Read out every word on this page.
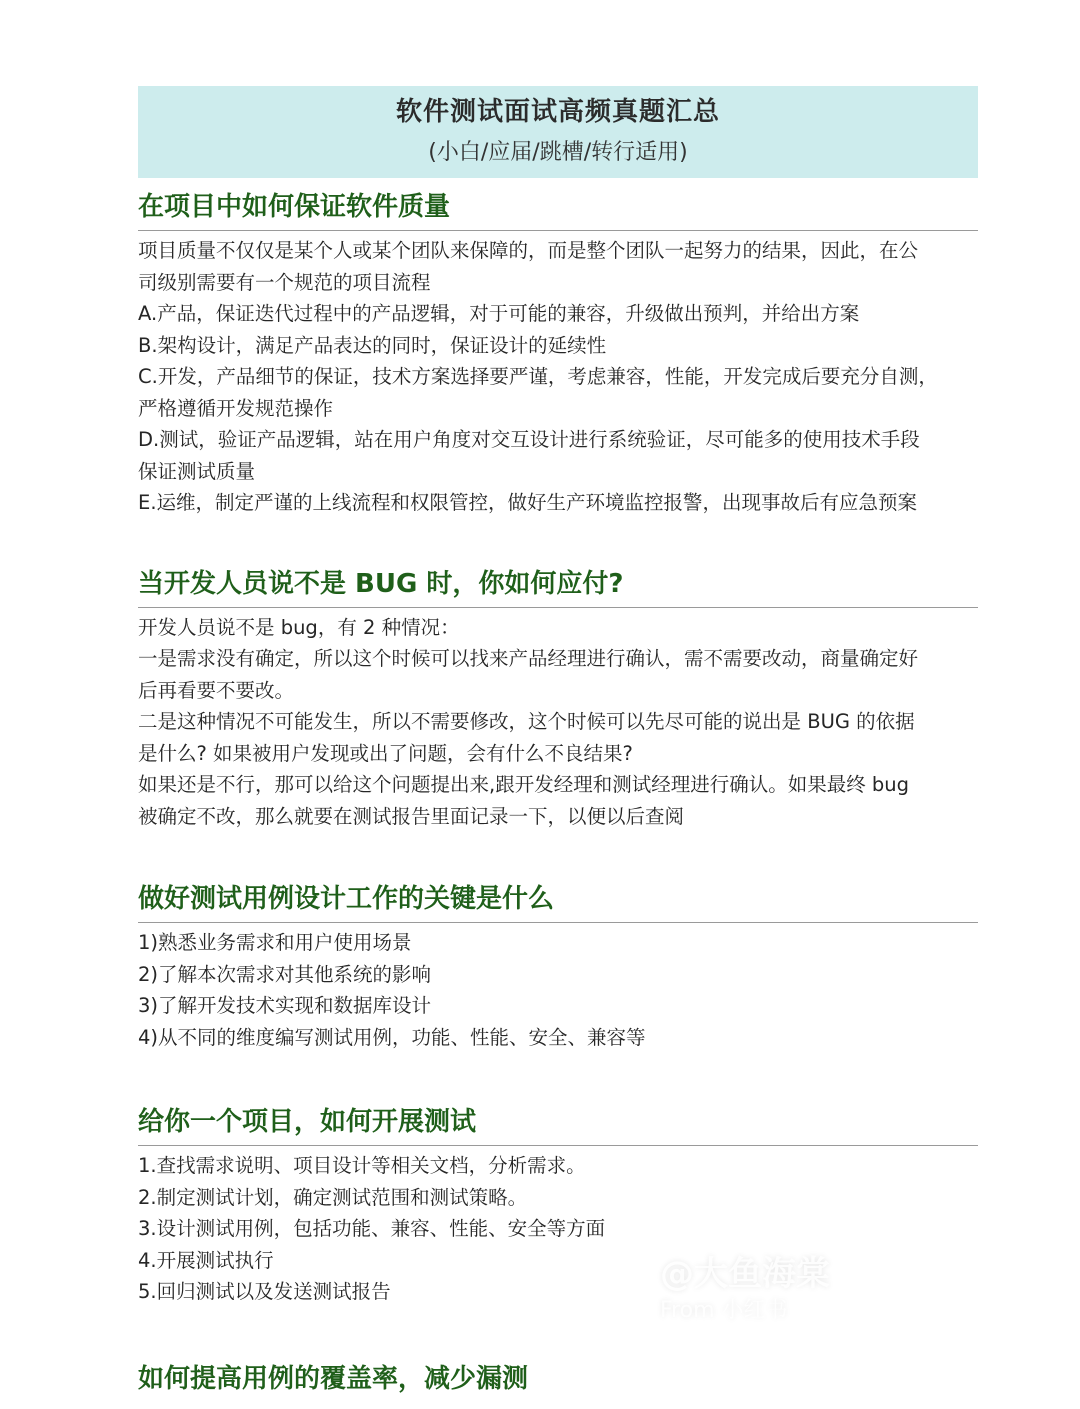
软件测试面试高频真题汇总
(小白/应届/跳槽/转行适用)
在项目中如何保证软件质量
项目质量不仅仅是某个人或某个团队来保障的，而是整个团队一起努力的结果，因此，在公
司级别需要有一个规范的项目流程
A.产品，保证迭代过程中的产品逻辑，对于可能的兼容，升级做出预判，并给出方案
B.架构设计，满足产品表达的同时，保证设计的延续性
C.开发，产品细节的保证，技术方案选择要严谨，考虑兼容，性能，开发完成后要充分自测，
严格遵循开发规范操作
D.测试，验证产品逻辑，站在用户角度对交互设计进行系统验证，尽可能多的使用技术手段
保证测试质量
E.运维，制定严谨的上线流程和权限管控，做好生产环境监控报警，出现事故后有应急预案
当开发人员说不是 BUG 时，你如何应付?
开发人员说不是 bug，有 2 种情况：
一是需求没有确定，所以这个时候可以找来产品经理进行确认，需不需要改动，商量确定好
后再看要不要改。
二是这种情况不可能发生，所以不需要修改，这个时候可以先尽可能的说出是 BUG 的依据
是什么? 如果被用户发现或出了问题，会有什么不良结果?
如果还是不行，那可以给这个问题提出来,跟开发经理和测试经理进行确认。如果最终 bug
被确定不改，那么就要在测试报告里面记录一下，以便以后查阅
做好测试用例设计工作的关键是什么
1)熟悉业务需求和用户使用场景
2)了解本次需求对其他系统的影响
3)了解开发技术实现和数据库设计
4)从不同的维度编写测试用例，功能、性能、安全、兼容等
给你一个项目，如何开展测试
1.查找需求说明、项目设计等相关文档，分析需求。
2.制定测试计划，确定测试范围和测试策略。
3.设计测试用例，包括功能、兼容、性能、安全等方面
4.开展测试执行
5.回归测试以及发送测试报告
如何提高用例的覆盖率，减少漏测
@大鱼海棠
From 小红书
